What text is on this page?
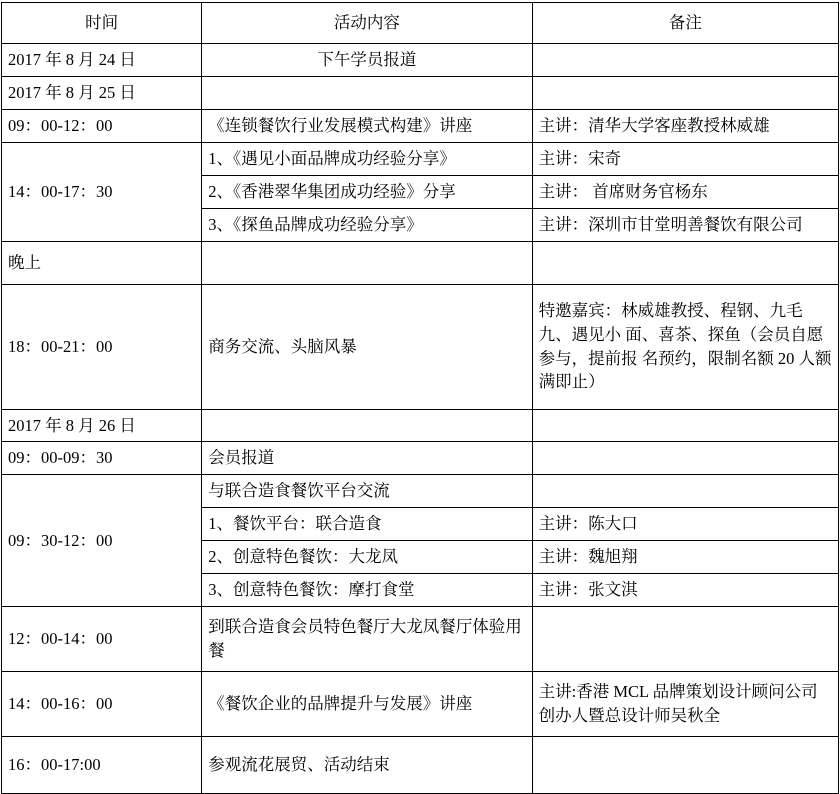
时间	活动内容	备注
2017 年 8 月 24 日	下午学员报道	
2017 年 8 月 25 日		
09：00-12：00	《连锁餐饮行业发展模式构建》讲座	主讲：清华大学客座教授林威雄
14：00-17：30	1、《遇见小面品牌成功经验分享》	主讲：宋奇
	2、《香港翠华集团成功经验》分享	主讲： 首席财务官杨东
	3、《探鱼品牌成功经验分享》	主讲：深圳市甘堂明善餐饮有限公司
晚上		
18：00-21：00	商务交流、头脑风暴	特邀嘉宾：林威雄教授、程钢、九毛九、遇见小 面、喜茶、探鱼（会员自愿参与，提前报 名预约，限制名额 20 人额满即止）
2017 年 8 月 26 日		
09：00-09：30	会员报道	
09：30-12：00	与联合造食餐饮平台交流	
	1、餐饮平台：联合造食	主讲：陈大口
	2、创意特色餐饮：大龙凤	主讲：魏旭翔
	3、创意特色餐饮：摩打食堂	主讲：张文淇
12：00-14：00	到联合造食会员特色餐厅大龙凤餐厅体验用餐	
14：00-16：00	《餐饮企业的品牌提升与发展》讲座	主讲:香港 MCL 品牌策划设计顾问公司创办人暨总设计师吴秋全
16：00-17:00	参观流花展贸、活动结束	
